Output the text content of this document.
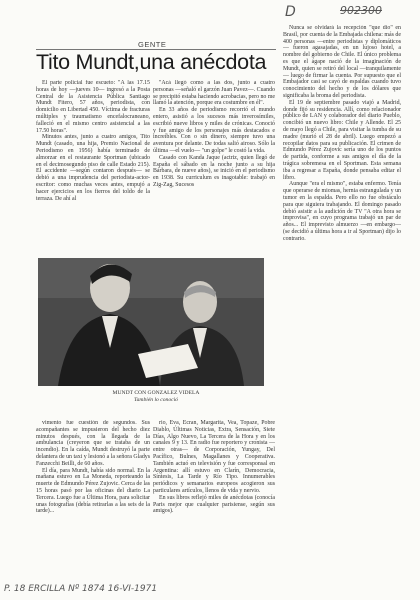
D	902300
GENTE
Tito Mundt,una anécdota

El parte policial fue escueto: "A las 17.15 horas de hoy —jueves 10— ingresó a la Posta Central de la Asistencia Pública Santiago Mundt Fitero, 57 años, periodista, con domicilio en Libertad 450. Víctima de fracturas múltiples y traumatismo encefalocraneano, falleció en el mismo centro asistencial a las 17.50 horas".

Minutos antes, junto a cuatro amigos, Tito Mundt (casado, una hija, Premio Nacional de Periodismo en 1956) había terminado de almorzar en el restaurante Sportman (ubicado en el decimosegundo piso de calle Estado 215). El accidente —según contaron después— se debió a una imprudencia del periodista-actor-escritor: como muchas veces antes, empujó a hacer ejercicios en los fierros del toldo de la terraza. De ahí al

"Acá llegó como a las dos, junto a cuatro personas —señaló el garzón Juan Pavez—. Cuando se precipitó estaba haciendo acrobacias, pero no me llamó la atención, porque era costumbre en él".

En 33 años de periodismo recorrió el mundo entero, asistió a los sucesos más inverosímiles, escribió nueve libros y miles de crónicas. Conoció y fue amigo de los personajes más destacados e increíbles. Con o sin dinero, siempre tuvo una aventura por delante. De todas salió airoso. Sólo la última —el vuelo— "un golpe" le costó la vida.

Casado con Kanda Jaque (actriz, quien llegó de España el sábado en la noche junto a su hija Bárbara, de nueve años), se inició en el periodismo en 1938. Su curriculum es inagotable: trabajó en Zig-Zag, Sucesos

Nunca se olvidará la recepción "que dio" en Brasil, por cuenta de la Embajada chilena: más de 400 personas —entre periodistas y diplomáticos— fueron agasajadas, en un lujoso hotel, a nombre del gobierno de Chile. El único problema es que el ágape nació de la imaginación de Mundt, quien se retiró del local —tranquilamente— luego de firmar la cuenta. Por supuesto que el Embajador casi se cayó de espaldas cuando tuvo conocimiento del hecho y de los dólares que significaba la broma del periodista.

El 19 de septiembre pasado viajó a Madrid, donde fijó su residencia. Allí, como relacionador público de LAN y colaborador del diario Pueblo, concibió un nuevo libro: Chile y Allende. El 25 de mayo llegó a Chile, para visitar la tumba de su madre (murió el 28 de abril). Luego empezó a recopilar datos para su publicación. El crimen de Edmundo Pérez Zujovic sería uno de los puntos de partida, conforme a sus amigos el día de la trágica sobremesa en el Sportman. Esta semana iba a regresar a España, donde pensaba editar el libro.

Aunque "era el mismo", estaba enfermo. Tenía que operarse de miomas, hernia estrangulada y un tumor en la espalda. Pero ello no fue obstáculo para que siguiera trabajando. El domingo pasado debió asistir a la audición de TV "A otra hora se improvisa", en cuyo programa trabajó un par de años... El imprevisto almuerzo —en embargo— (se decidió a última hora a ir al Sportman) dijo lo contrario.

MUNDT CON GONZALEZ VIDELA
También lo conoció

vimento fue cuestión de segundos. Sus acompañantes se impusieron del hecho diez minutos después, con la llegada de la ambulancia (creyeron que se trataba de un incendio). En la caída, Mundt destruyó la parte delantera de un taxi y lesionó a la señora Gladys Fanzecchi Beilli, de 60 años.

El día, para Mundt, había sido normal. En la mañana estuvo en La Moneda, reporteando la muerte de Edmundo Pérez Zujovic. Cerca de las 15 horas pasó por las oficinas del diario La Tercera. Luego fue a Última Hora, para solicitar unas fotografías (debía retirarlas a las seis de la tarde)...

rio, Eva, Ecran, Margarita, Vea, Topaze, Pobre Diablo, Últimas Noticias, Extra, Sensación, Siete Días, Algo Nuevo, La Tercera de la Hora y en los canales 9 y 13. En radio fue reportero y cronista —entre otras— de Corporación, Yungay, Del Pacífico, Bulnes, Magallanes y Cooperativa. También actuó en televisión y fue corresponsal en Argentina: allí estuvo en Clarín, Democracia, Síntesis, La Tarde y Río Tipo. Innumerables periódicos y semanarios europeos acogieron sus particulares artículos, llenos de vida y nervio.

En sus libros reflejó miles de anécdotas (conocía Paris mejor que cualquier parisiense, según sus amigos).

P. 18 ERCILLA Nº 1874 16-VI-1971
